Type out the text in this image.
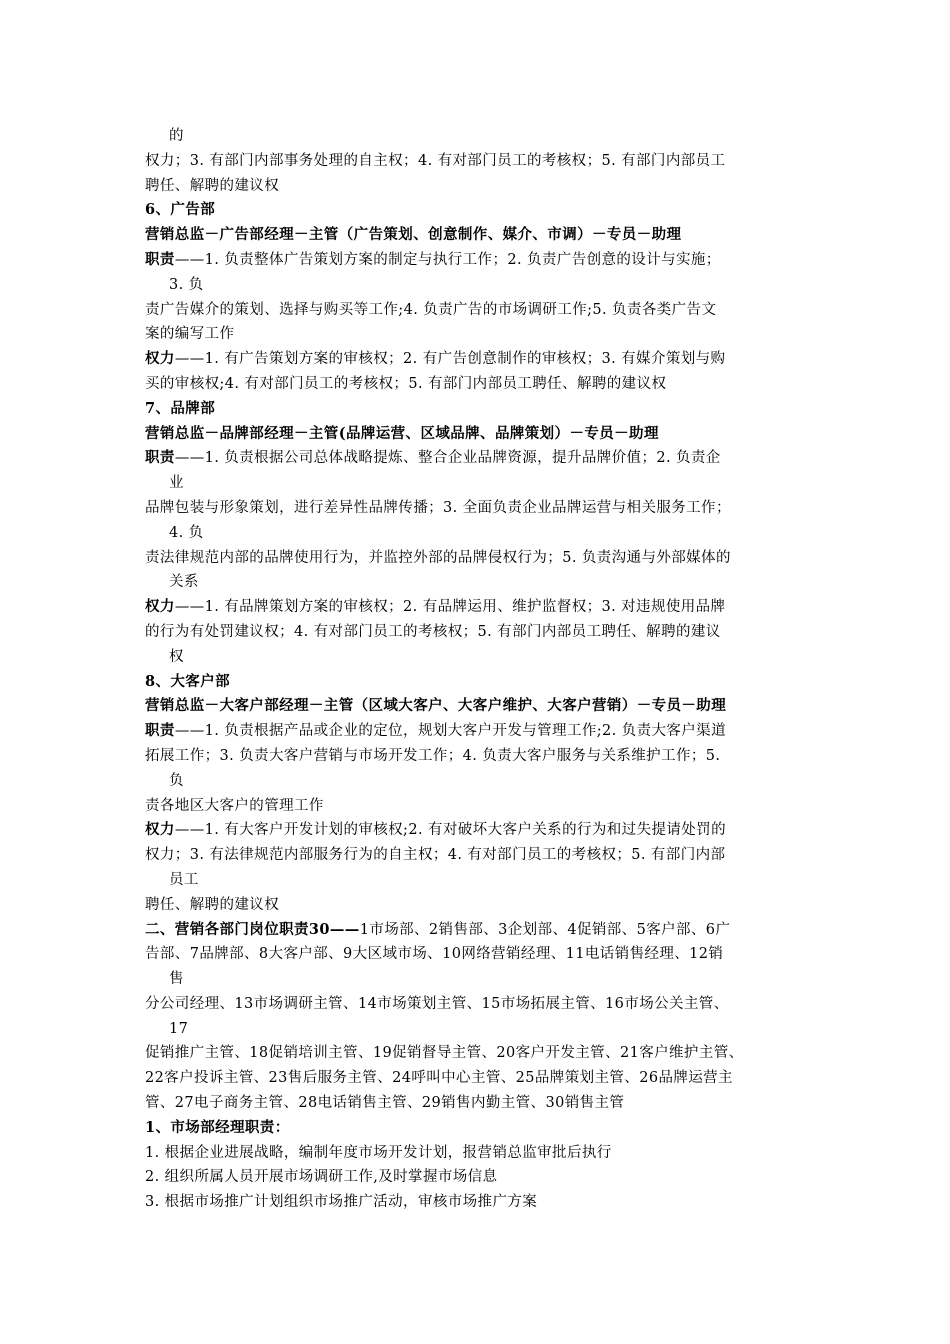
的
权力；3. 有部门内部事务处理的自主权；4. 有对部门员工的考核权；5. 有部门内部员工
聘任、解聘的建议权
6、广告部
营销总监－广告部经理－主管（广告策划、创意制作、媒介、市调）－专员－助理
职责——1. 负责整体广告策划方案的制定与执行工作；2. 负责广告创意的设计与实施；
3. 负
责广告媒介的策划、选择与购买等工作;4. 负责广告的市场调研工作;5. 负责各类广告文
案的编写工作
权力——1. 有广告策划方案的审核权；2. 有广告创意制作的审核权；3. 有媒介策划与购
买的审核权;4. 有对部门员工的考核权；5. 有部门内部员工聘任、解聘的建议权
7、品牌部
营销总监－品牌部经理－主管(品牌运营、区域品牌、品牌策划）－专员－助理
职责——1. 负责根据公司总体战略提炼、整合企业品牌资源，提升品牌价值；2. 负责企
业
品牌包装与形象策划，进行差异性品牌传播；3. 全面负责企业品牌运营与相关服务工作；
4. 负
责法律规范内部的品牌使用行为，并监控外部的品牌侵权行为；5. 负责沟通与外部媒体的
关系
权力——1. 有品牌策划方案的审核权；2. 有品牌运用、维护监督权；3. 对违规使用品牌
的行为有处罚建议权；4. 有对部门员工的考核权；5. 有部门内部员工聘任、解聘的建议
权
8、大客户部
营销总监－大客户部经理－主管（区域大客户、大客户维护、大客户营销）－专员－助理
职责——1. 负责根据产品或企业的定位，规划大客户开发与管理工作;2. 负责大客户渠道
拓展工作；3. 负责大客户营销与市场开发工作；4. 负责大客户服务与关系维护工作；5.
负
责各地区大客户的管理工作
权力——1. 有大客户开发计划的审核权;2. 有对破坏大客户关系的行为和过失提请处罚的
权力；3. 有法律规范内部服务行为的自主权；4. 有对部门员工的考核权；5. 有部门内部
员工
聘任、解聘的建议权
二、营销各部门岗位职责30——1市场部、2销售部、3企划部、4促销部、5客户部、6广
告部、7品牌部、8大客户部、9大区域市场、10网络营销经理、11电话销售经理、12销
售
分公司经理、13市场调研主管、14市场策划主管、15市场拓展主管、16市场公关主管、
17
促销推广主管、18促销培训主管、19促销督导主管、20客户开发主管、21客户维护主管、
22客户投诉主管、23售后服务主管、24呼叫中心主管、25品牌策划主管、26品牌运营主
管、27电子商务主管、28电话销售主管、29销售内勤主管、30销售主管
1、市场部经理职责：
1. 根据企业进展战略，编制年度市场开发计划，报营销总监审批后执行
2. 组织所属人员开展市场调研工作,及时掌握市场信息
3. 根据市场推广计划组织市场推广活动，审核市场推广方案
